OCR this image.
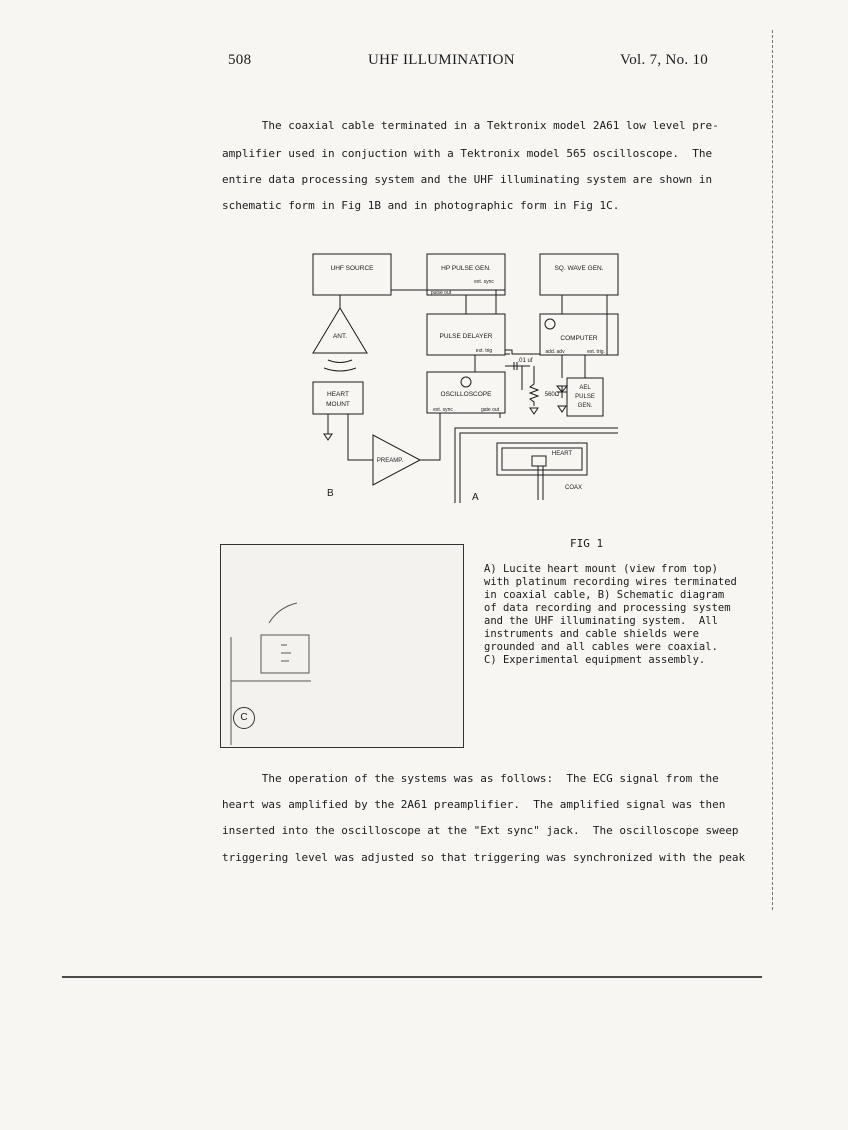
508	UHF ILLUMINATION	Vol. 7, No. 10
The coaxial cable terminated in a Tektronix model 2A61 low level pre-
amplifier used in conjuction with a Tektronix model 565 oscilloscope.  The
entire data processing system and the UHF illuminating system are shown in
schematic form in Fig 1B and in photographic form in Fig 1C.
UHF SOURCE	HP PULSE GEN.
ext. sync
pulse out
SQ. WAVE GEN.
ANT.	PULSE DELAYER
ext. trig
COMPUTER
add. adv	ext. trig.
.01 uf
560Ω
HEART
MOUNT
OSCILLOSCOPE
ext. sync	gate out
AEL
PULSE
GEN.
PREAMP.
HEART
COAX
B	A
C
FIG 1
A) Lucite heart mount (view from top)
with platinum recording wires terminated
in coaxial cable, B) Schematic diagram
of data recording and processing system
and the UHF illuminating system.  All
instruments and cable shields were
grounded and all cables were coaxial.
C) Experimental equipment assembly.
The operation of the systems was as follows:  The ECG signal from the
heart was amplified by the 2A61 preamplifier.  The amplified signal was then
inserted into the oscilloscope at the "Ext sync" jack.  The oscilloscope sweep
triggering level was adjusted so that triggering was synchronized with the peak
